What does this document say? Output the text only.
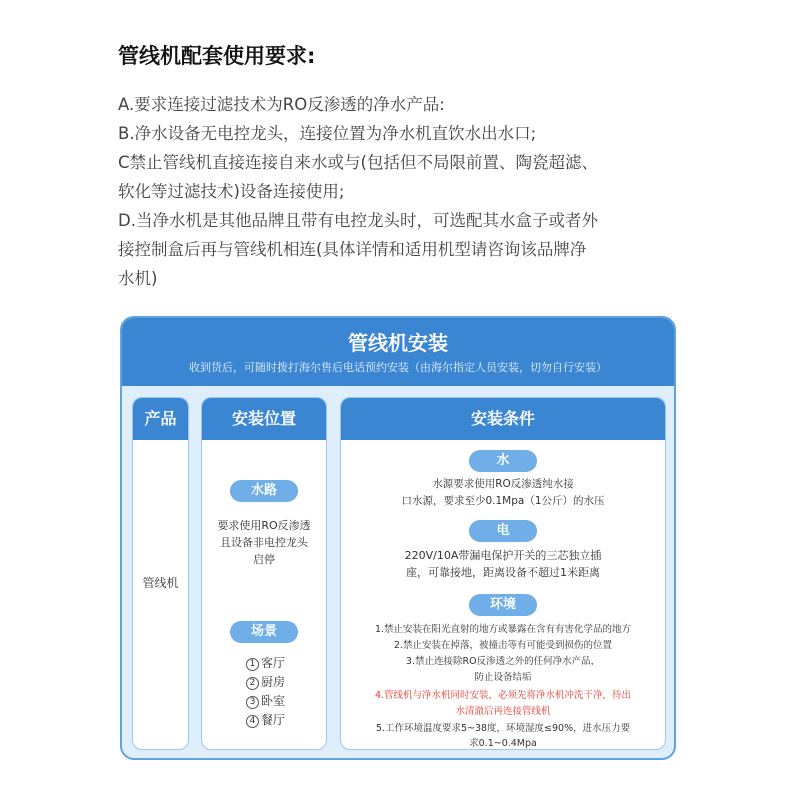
管线机配套使用要求:
A.要求连接过滤技术为RO反渗透的净水产品:
B.净水设备无电控龙头，连接位置为净水机直饮水出水口;
C禁止管线机直接连接自来水或与(包括但不局限前置、陶瓷超滤、
软化等过滤技术)设备连接使用;
D.当净水机是其他品牌且带有电控龙头时，可选配其水盒子或者外
接控制盒后再与管线机相连(具体详情和适用机型请咨询该品牌净
水机)
管线机安装
收到货后，可随时拨打海尔售后电话预约安装（由海尔指定人员安装，切勿自行安装）
产品
管线机
安装位置
水路
要求使用RO反渗透
且设备非电控龙头
启停
场景
1 客厅
2 厨房
3 卧室
4 餐厅
安装条件
水
水源要求使用RO反渗透纯水接
口水源，要求至少0.1Mpa（1公斤）的水压
电
220V/10A带漏电保护开关的三芯独立插
座，可靠接地，距离设备不超过1米距离
环境
1.禁止安装在阳光直射的地方或暴露在含有有害化学品的地方
2.禁止安装在掉落，被撞击等有可能受到损伤的位置
3.禁止连接除RO反渗透之外的任何净水产品，
防止设备结垢
4.管线机与净水机同时安装，必须先将净水机冲洗干净，待出
水清澈后再连接管线机
5.工作环境温度要求5~38度，环境湿度≤90%，进水压力要
求0.1~0.4Mpa
